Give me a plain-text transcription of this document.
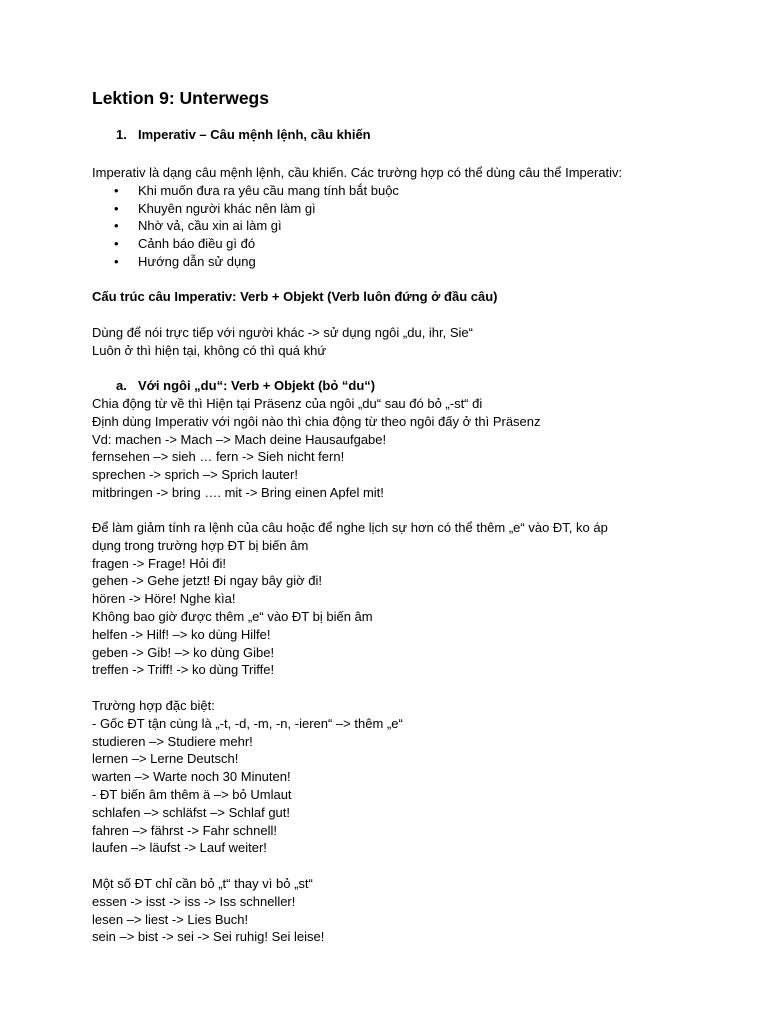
Lektion 9: Unterwegs
1. Imperativ – Câu mệnh lệnh, cầu khiến
Imperativ là dạng câu mệnh lệnh, cầu khiến. Các trường hợp có thể dùng câu thể Imperativ:
• Khi muốn đưa ra yêu cầu mang tính bắt buộc
• Khuyên người khác nên làm gì
• Nhờ vả, cầu xin ai làm gì
• Cảnh báo điều gì đó
• Hướng dẫn sử dụng
Cấu trúc câu Imperativ: Verb + Objekt (Verb luôn đứng ở đầu câu)
Dùng để nói trực tiếp với người khác -> sử dụng ngôi „du, ihr, Sie“
Luôn ở thì hiện tại, không có thì quá khứ
a. Với ngôi „du“: Verb + Objekt (bỏ “du“)
Chia động từ về thì Hiện tại Präsenz của ngôi „du“ sau đó bỏ „-st“ đi
Định dùng Imperativ với ngôi nào thì chia động từ theo ngôi đấy ở thì Präsenz
Vd: machen -> Mach –> Mach deine Hausaufgabe!
fernsehen –> sieh … fern -> Sieh nicht fern!
sprechen -> sprich –> Sprich lauter!
mitbringen -> bring …. mit -> Bring einen Apfel mit!
Để làm giảm tính ra lệnh của câu hoặc để nghe lịch sự hơn có thể thêm „e“ vào ĐT, ko áp
dụng trong trường hợp ĐT bị biến âm
fragen -> Frage! Hỏi đi!
gehen -> Gehe jetzt! Đi ngay bây giờ đi!
hören -> Höre! Nghe kìa!
Không bao giờ được thêm „e“ vào ĐT bị biến âm
helfen -> Hilf! –> ko dùng Hilfe!
geben -> Gib! –> ko dùng Gibe!
treffen -> Triff! -> ko dùng Triffe!
Trường hợp đặc biệt:
- Gốc ĐT tận cùng là „-t, -d, -m, -n, -ieren“ –> thêm „e“
studieren –> Studiere mehr!
lernen –> Lerne Deutsch!
warten –> Warte noch 30 Minuten!
- ĐT biến âm thêm ä –> bỏ Umlaut
schlafen –> schläfst –> Schlaf gut!
fahren –> fährst -> Fahr schnell!
laufen –> läufst -> Lauf weiter!
Một số ĐT chỉ cần bỏ „t“ thay vì bỏ „st“
essen -> isst -> iss -> Iss schneller!
lesen –> liest -> Lies Buch!
sein –> bist -> sei -> Sei ruhig! Sei leise!
